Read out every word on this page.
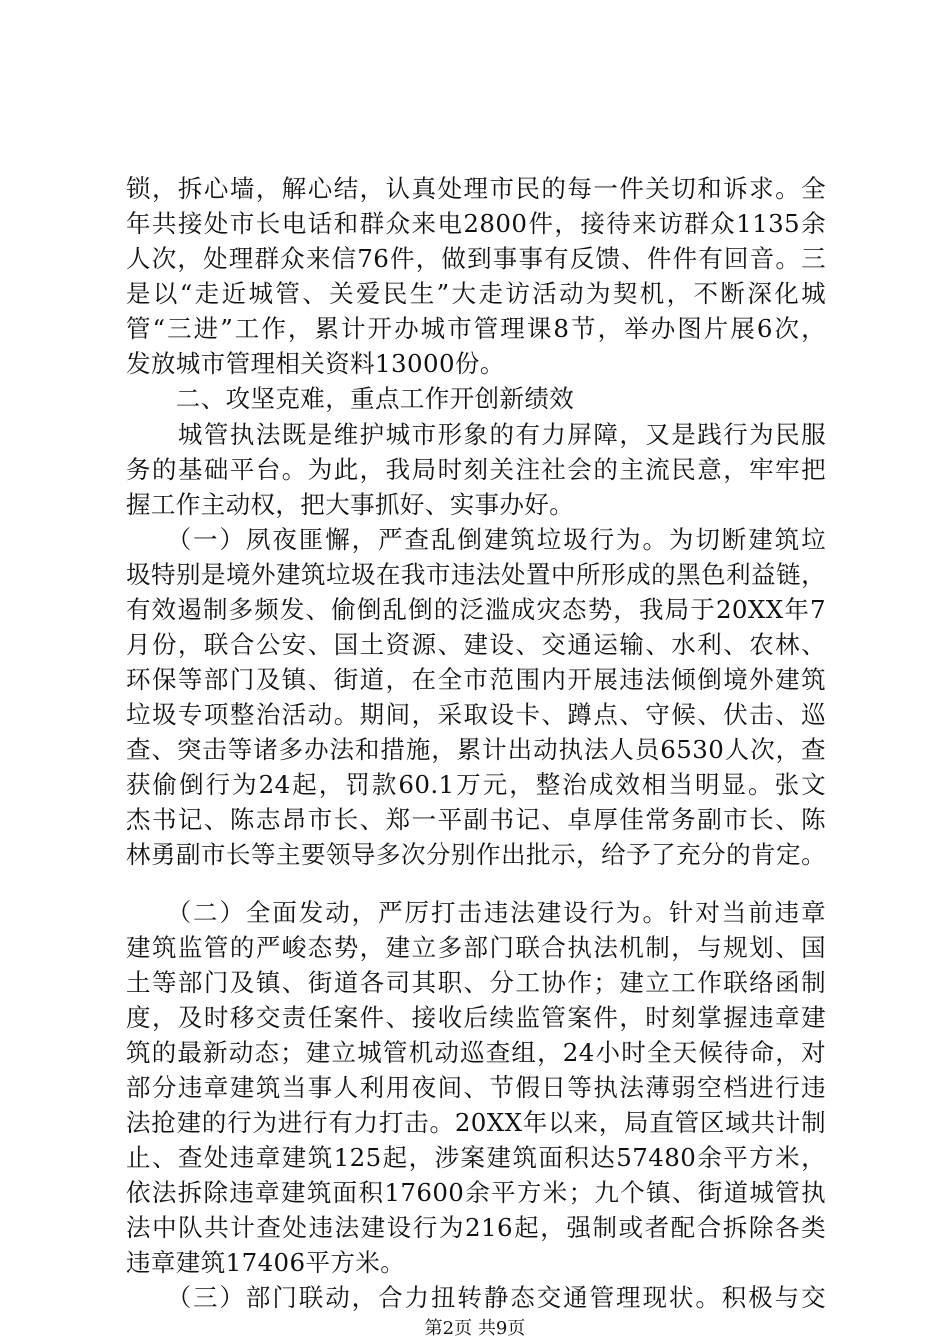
锁，拆心墙，解心结，认真处理市民的每一件关切和诉求。全
年共接处市长电话和群众来电2800件，接待来访群众1135余
人次，处理群众来信76件，做到事事有反馈、件件有回音。三
是以“走近城管、关爱民生”大走访活动为契机，不断深化城
管“三进”工作，累计开办城市管理课8节，举办图片展6次，
发放城市管理相关资料13000份。
　　二、攻坚克难，重点工作开创新绩效
　　城管执法既是维护城市形象的有力屏障，又是践行为民服
务的基础平台。为此，我局时刻关注社会的主流民意，牢牢把
握工作主动权，把大事抓好、实事办好。
　　（一）夙夜匪懈，严查乱倒建筑垃圾行为。为切断建筑垃
圾特别是境外建筑垃圾在我市违法处置中所形成的黑色利益链，
有效遏制多频发、偷倒乱倒的泛滥成灾态势，我局于20XX年7
月份，联合公安、国土资源、建设、交通运输、水利、农林、
环保等部门及镇、街道，在全市范围内开展违法倾倒境外建筑
垃圾专项整治活动。期间，采取设卡、蹲点、守候、伏击、巡
查、突击等诸多办法和措施，累计出动执法人员6530人次，查
获偷倒行为24起，罚款60.1万元，整治成效相当明显。张文
杰书记、陈志昂市长、郑一平副书记、卓厚佳常务副市长、陈
林勇副市长等主要领导多次分别作出批示，给予了充分的肯定。
　　（二）全面发动，严厉打击违法建设行为。针对当前违章
建筑监管的严峻态势，建立多部门联合执法机制，与规划、国
土等部门及镇、街道各司其职、分工协作；建立工作联络函制
度，及时移交责任案件、接收后续监管案件，时刻掌握违章建
筑的最新动态；建立城管机动巡查组，24小时全天候待命，对
部分违章建筑当事人利用夜间、节假日等执法薄弱空档进行违
法抢建的行为进行有力打击。20XX年以来，局直管区域共计制
止、查处违章建筑125起，涉案建筑面积达57480余平方米，
依法拆除违章建筑面积17600余平方米；九个镇、街道城管执
法中队共计查处违法建设行为216起，强制或者配合拆除各类
违章建筑17406平方米。
　　（三）部门联动，合力扭转静态交通管理现状。积极与交
第2页 共9页
